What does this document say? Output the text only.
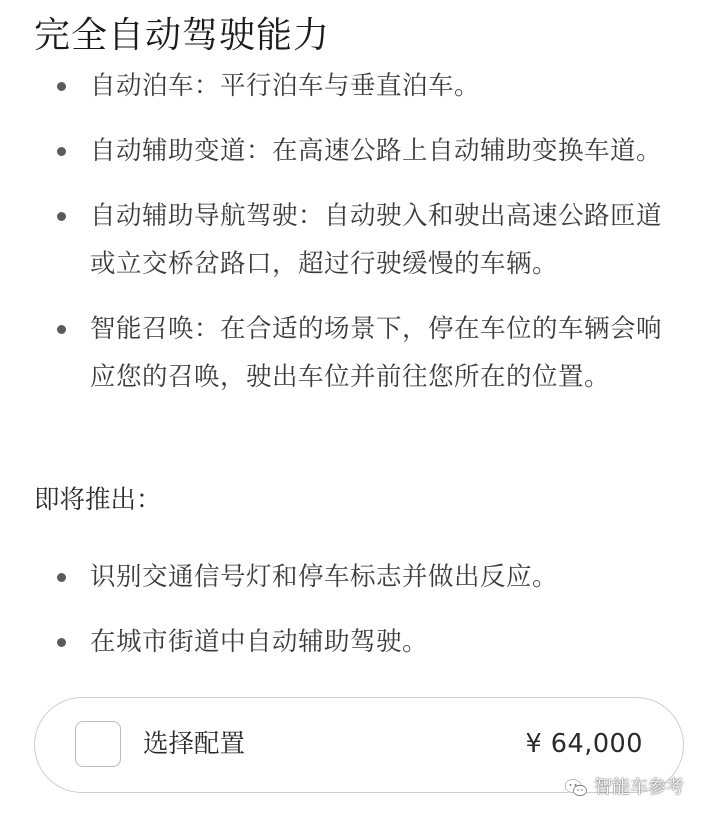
完全自动驾驶能力
自动泊车：平行泊车与垂直泊车。
自动辅助变道：在高速公路上自动辅助变换车道。
自动辅助导航驾驶：自动驶入和驶出高速公路匝道或立交桥岔路口，超过行驶缓慢的车辆。
智能召唤：在合适的场景下，停在车位的车辆会响应您的召唤，驶出车位并前往您所在的位置。
即将推出：
识别交通信号灯和停车标志并做出反应。
在城市街道中自动辅助驾驶。
选择配置	¥ 64,000
智能车参考
